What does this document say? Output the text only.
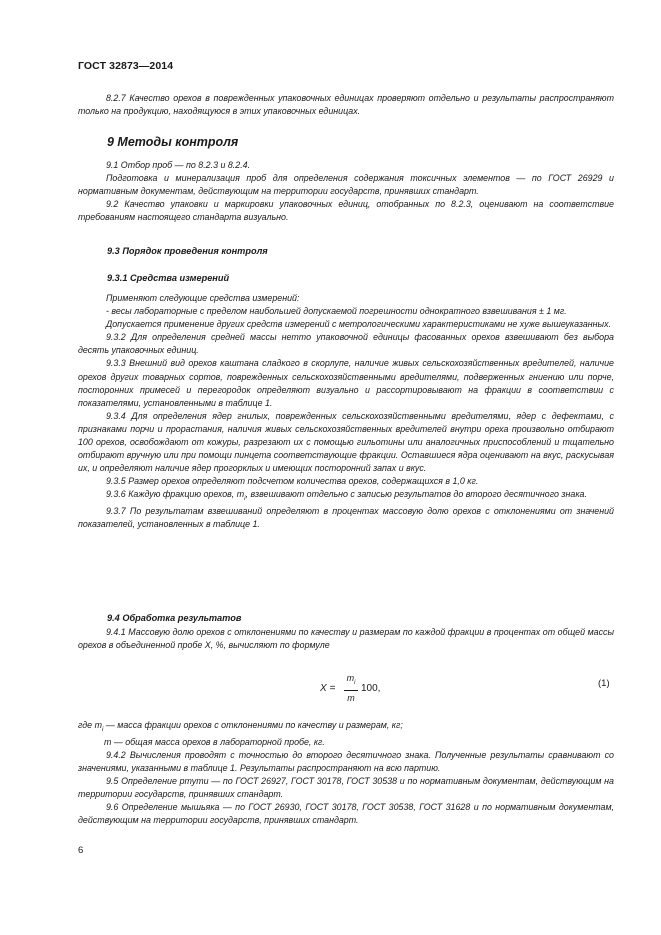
ГОСТ 32873—2014

8.2.7 Качество орехов в поврежденных упаковочных единицах проверяют отдельно и результаты распространяют только на продукцию, находящуюся в этих упаковочных единицах.

9 Методы контроля

9.1 Отбор проб — по 8.2.3 и 8.2.4.

Подготовка и минерализация проб для определения содержания токсичных элементов — по ГОСТ 26929 и нормативным документам, действующим на территории государств, принявших стандарт.

9.2 Качество упаковки и маркировки упаковочных единиц, отобранных по 8.2.3, оценивают на соответствие требованиям настоящего стандарта визуально.

9.3 Порядок проведения контроля
9.3.1 Средства измерений

Применяют следующие средства измерений:

- весы лабораторные с пределом наибольшей допускаемой погрешности однократного взвешивания ± 1 мг.

Допускается применение других средств измерений с метрологическими характеристиками не хуже вышеуказанных.

9.3.2 Для определения средней массы нетто упаковочной единицы фасованных орехов взвешивают без выбора десять упаковочных единиц.

9.3.3 Внешний вид орехов каштана сладкого в скорлупе, наличие живых сельскохозяйственных вредителей, наличие орехов других товарных сортов, поврежденных сельскохозяйственными вредителями, подверженных гниению или порче, посторонних примесей и перегородок определяют визуально и рассортировывают на фракции в соответствии с показателями, установленными в таблице 1.

9.3.4 Для определения ядер гнилых, поврежденных сельскохозяйственными вредителями, ядер с дефектами, с признаками порчи и прорастания, наличия живых сельскохозяйственных вредителей внутри ореха произвольно отбирают 100 орехов, освобождают от кожуры, разрезают их с помощью гильотины или аналогичных приспособлений и тщательно отбирают вручную или при помощи пинцета соответствующие фракции. Оставшиеся ядра оценивают на вкус, раскусывая их, и определяют наличие ядер прогорклых и имеющих посторонний запах и вкус.

9.3.5 Размер орехов определяют подсчетом количества орехов, содержащихся в 1,0 кг.

9.3.6 Каждую фракцию орехов, $m_i$, взвешивают отдельно с записью результатов до второго десятичного знака.

9.3.7 По результатам взвешиваний определяют в процентах массовую долю орехов с отклонениями от значений показателей, установленных в таблице 1.

9.4 Обработка результатов

9.4.1 Массовую долю орехов с отклонениями по качеству и размерам по каждой фракции в процентах от общей массы орехов в объединенной пробе Х, %, вычисляют по формуле

X =
$m_i$
m
100,	(1)

где $m_i$ — масса фракции орехов с отклонениями по качеству и размерам, кг;

m — общая масса орехов в лабораторной пробе, кг.

9.4.2 Вычисления проводят с точностью до второго десятичного знака. Полученные результаты сравнивают со значениями, указанными в таблице 1. Результаты распространяют на всю партию.

9.5 Определение ртути — по ГОСТ 26927, ГОСТ 30178, ГОСТ 30538 и по нормативным документам, действующим на территории государств, принявших стандарт.

9.6 Определение мышьяка — по ГОСТ 26930, ГОСТ 30178, ГОСТ 30538, ГОСТ 31628 и по нормативным документам, действующим на территории государств, принявших стандарт.

6
